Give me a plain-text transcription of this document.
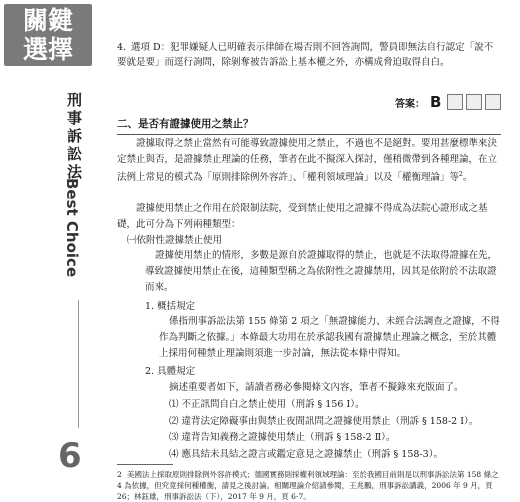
關鍵
選擇
刑事訴訟法
Best Choice
6

4. 選項 D：犯罪嫌疑人已明確表示律師在場否則不回答詢問，警員即無法自行認定「說不要就是要」而逕行詢問，除剝奪被告訴訟上基本權之外，亦構成脅迫取得自白。

答案： B
二、是否有證據使用之禁止？

證據取得之禁止當然有可能導致證據使用之禁止，不過也不是絕對。要用甚麼標準來決定禁止與否，是證據禁止理論的任務，筆者在此不擬深入探討，僅稍微帶到各種理論，在立法例上常見的模式為「原則排除例外容許」、「權利領域理論」以及「權衡理論」等$^2$。

證據使用禁止之作用在於限制法院，受到禁止使用之證據不得成為法院心證形成之基礎，此可分為下列兩種類型：

㈠依附性證據禁止使用

證據使用禁止的情形，多數是源自於證據取得的禁止，也就是不法取得證據在先，導致證據使用禁止在後，這種類型稱之為依附性之證據禁用，因其是依附於不法取證而來。

1. 概括規定

係指刑事訴訟法第 155 條第 2 項之「無證據能力、未經合法調查之證據，不得作為判斷之依據。」本條最大功用在於承認我國有證據禁止理論之概念，至於其體上採用何種禁止理論則須進一步討論，無法從本條中得知。

2. 具體規定

摘述重要者如下，請讀者務必參閱條文內容，筆者不擬錄來充版面了。

⑴ 不正訊問自白之禁止使用（刑訴 § 156 Ⅰ）。
⑵ 違背法定障礙事由與禁止夜間訊問之證據使用禁止（刑訴 § 158-2 Ⅰ）。
⑶ 違背告知義務之證據使用禁止（刑訴 § 158-2 Ⅱ）。
⑷ 應具結未具結之證言或鑑定意見之證據禁止（刑訴 § 158-3）。

2 美國法上採取原則排除例外容許模式；德國實務則採權利領域理論：至於我國目前則是以刑事訴訟法第 158 條之 4 為依據，但究竟採何種權衡，請見之後討論。相關理論介紹請參閱，王兆鵬，刑事訴訟講義，2006 年 9 月，頁 26；林鈺雄，刑事訴訟法（下），2017 年 9 月，頁 6-7。
